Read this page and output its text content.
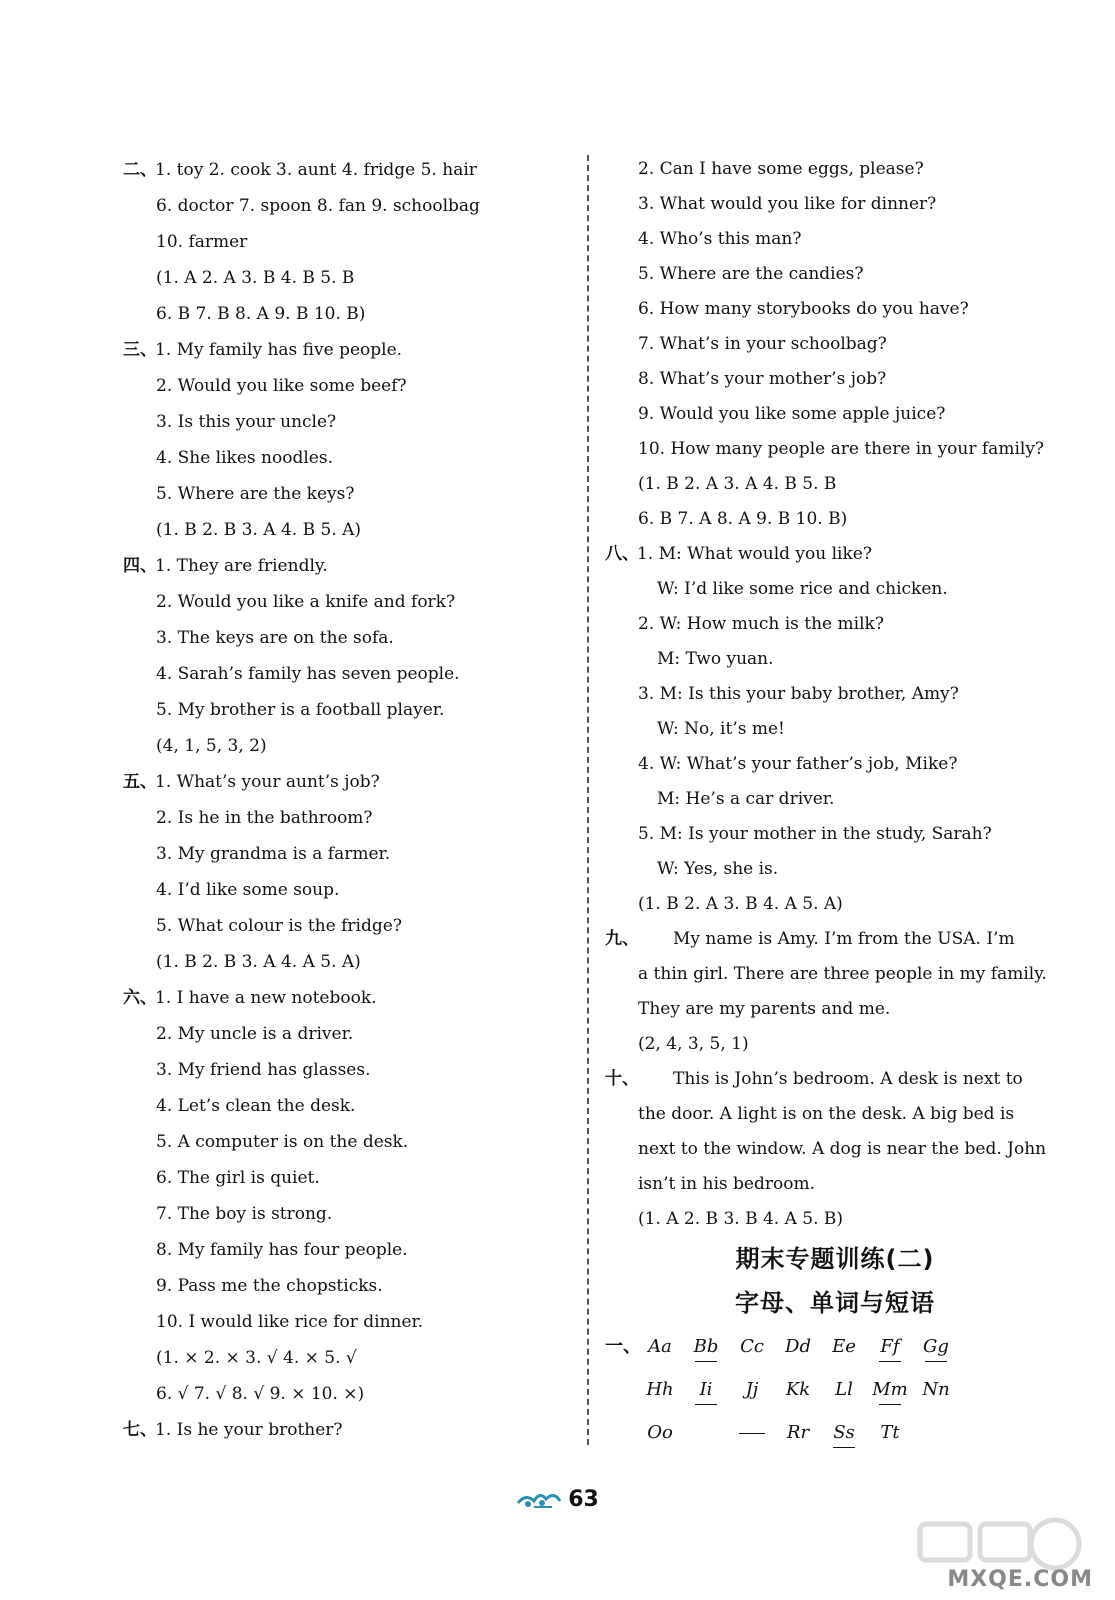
二、1. toy 2. cook 3. aunt 4. fridge 5. hair
6. doctor 7. spoon 8. fan 9. schoolbag
10. farmer
(1. A 2. A 3. B 4. B 5. B
6. B 7. B 8. A 9. B 10. B)
三、1. My family has five people.
2. Would you like some beef?
3. Is this your uncle?
4. She likes noodles.
5. Where are the keys?
(1. B 2. B 3. A 4. B 5. A)
四、1. They are friendly.
2. Would you like a knife and fork?
3. The keys are on the sofa.
4. Sarah’s family has seven people.
5. My brother is a football player.
(4, 1, 5, 3, 2)
五、1. What’s your aunt’s job?
2. Is he in the bathroom?
3. My grandma is a farmer.
4. I’d like some soup.
5. What colour is the fridge?
(1. B 2. B 3. A 4. A 5. A)
六、1. I have a new notebook.
2. My uncle is a driver.
3. My friend has glasses.
4. Let’s clean the desk.
5. A computer is on the desk.
6. The girl is quiet.
7. The boy is strong.
8. My family has four people.
9. Pass me the chopsticks.
10. I would like rice for dinner.
(1. × 2. × 3. √ 4. × 5. √
6. √ 7. √ 8. √ 9. × 10. ×)
七、1. Is he your brother?
2. Can I have some eggs, please?
3. What would you like for dinner?
4. Who’s this man?
5. Where are the candies?
6. How many storybooks do you have?
7. What’s in your schoolbag?
8. What’s your mother’s job?
9. Would you like some apple juice?
10. How many people are there in your family?
(1. B 2. A 3. A 4. B 5. B
6. B 7. A 8. A 9. B 10. B)
八、1. M: What would you like?
W: I’d like some rice and chicken.
2. W: How much is the milk?
M: Two yuan.
3. M: Is this your baby brother, Amy?
W: No, it’s me!
4. W: What’s your father’s job, Mike?
M: He’s a car driver.
5. M: Is your mother in the study, Sarah?
W: Yes, she is.
(1. B 2. A 3. B 4. A 5. A)
九、 My name is Amy. I’m from the USA. I’m
a thin girl. There are three people in my family.
They are my parents and me.
(2, 4, 3, 5, 1)
十、 This is John’s bedroom. A desk is next to
the door. A light is on the desk. A big bed is
next to the window. A dog is near the bed. John
isn’t in his bedroom.
(1. A 2. B 3. B 4. A 5. B)
期末专题训练(二)
字母、单词与短语
一、 Aa Bb Cc Dd Ee Ff Gg
Hh Ii Jj Kk Ll Mm Nn
Oo	Rr Ss Tt
63
MXQE.COM
